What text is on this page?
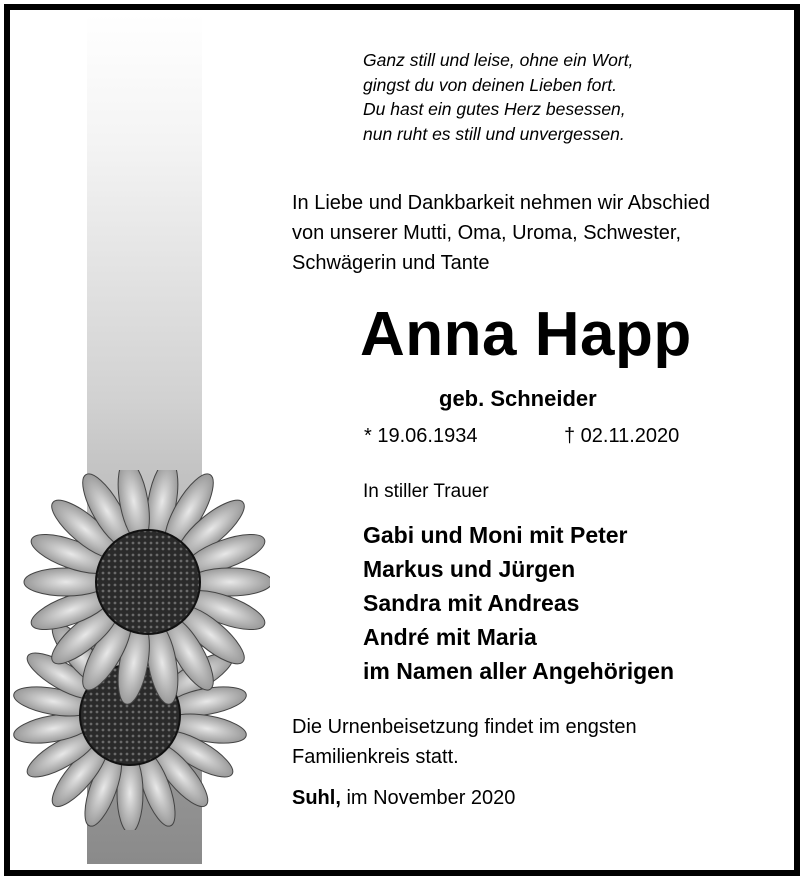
Ganz still und leise, ohne ein Wort,
gingst du von deinen Lieben fort.
Du hast ein gutes Herz besessen,
nun ruht es still und unvergessen.
In Liebe und Dankbarkeit nehmen wir Abschied
von unserer Mutti, Oma, Uroma, Schwester,
Schwägerin und Tante
Anna Happ
geb. Schneider
* 19.06.1934	† 02.11.2020
In stiller Trauer
Gabi und Moni mit Peter
Markus und Jürgen
Sandra mit Andreas
André mit Maria
im Namen aller Angehörigen
Die Urnenbeisetzung findet im engsten
Familienkreis statt.
Suhl, im November 2020
